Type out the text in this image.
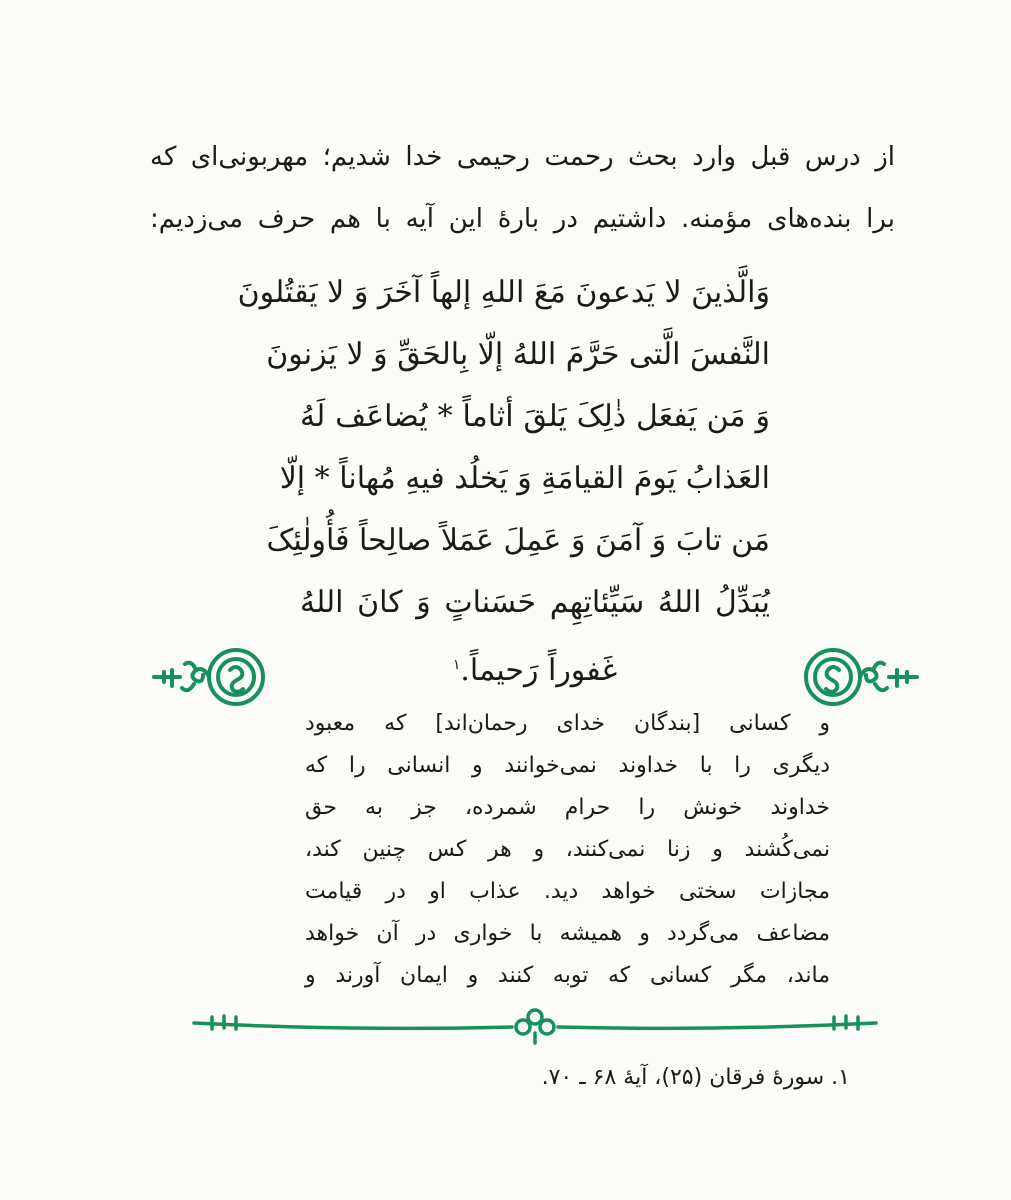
از درس قبل وارد بحث رحمت رحیمی خدا شدیم؛ مهربونی‌ای که
برا بنده‌های مؤمنه. داشتیم در بارهٔ این آیه با هم حرف می‌زدیم:
وَالَّذینَ لا یَدعونَ مَعَ اللهِ إلهاً آخَرَ وَ لا یَقتُلونَ
النَّفسَ الَّتی حَرَّمَ اللهُ إلّا بِالحَقِّ وَ لا یَزنونَ
وَ مَن یَفعَل ذٰلِکَ یَلقَ أثاماً * یُضاعَف لَهُ
العَذابُ یَومَ القیامَةِ وَ یَخلُد فیهِ مُهاناً * إلّا
مَن تابَ وَ آمَنَ وَ عَمِلَ عَمَلاً صالِحاً فَأُولٰئِکَ
یُبَدِّلُ اللهُ سَیِّئاتِهِم حَسَناتٍ وَ کانَ اللهُ
غَفوراً رَحیماً.$^۱$
و کسانی [بندگان خدای رحمان‌اند] که معبود
دیگری را با خداوند نمی‌خوانند و انسانی را که
خداوند خونش را حرام شمرده، جز به حق
نمی‌کُشند و زنا نمی‌کنند، و هر کس چنین کند،
مجازات سختی خواهد دید. عذاب او در قیامت
مضاعف می‌گردد و همیشه با خواری در آن خواهد
ماند، مگر کسانی که توبه کنند و ایمان آورند و
۱. سورهٔ فرقان (۲۵)، آیهٔ ۶۸ ـ ۷۰.
